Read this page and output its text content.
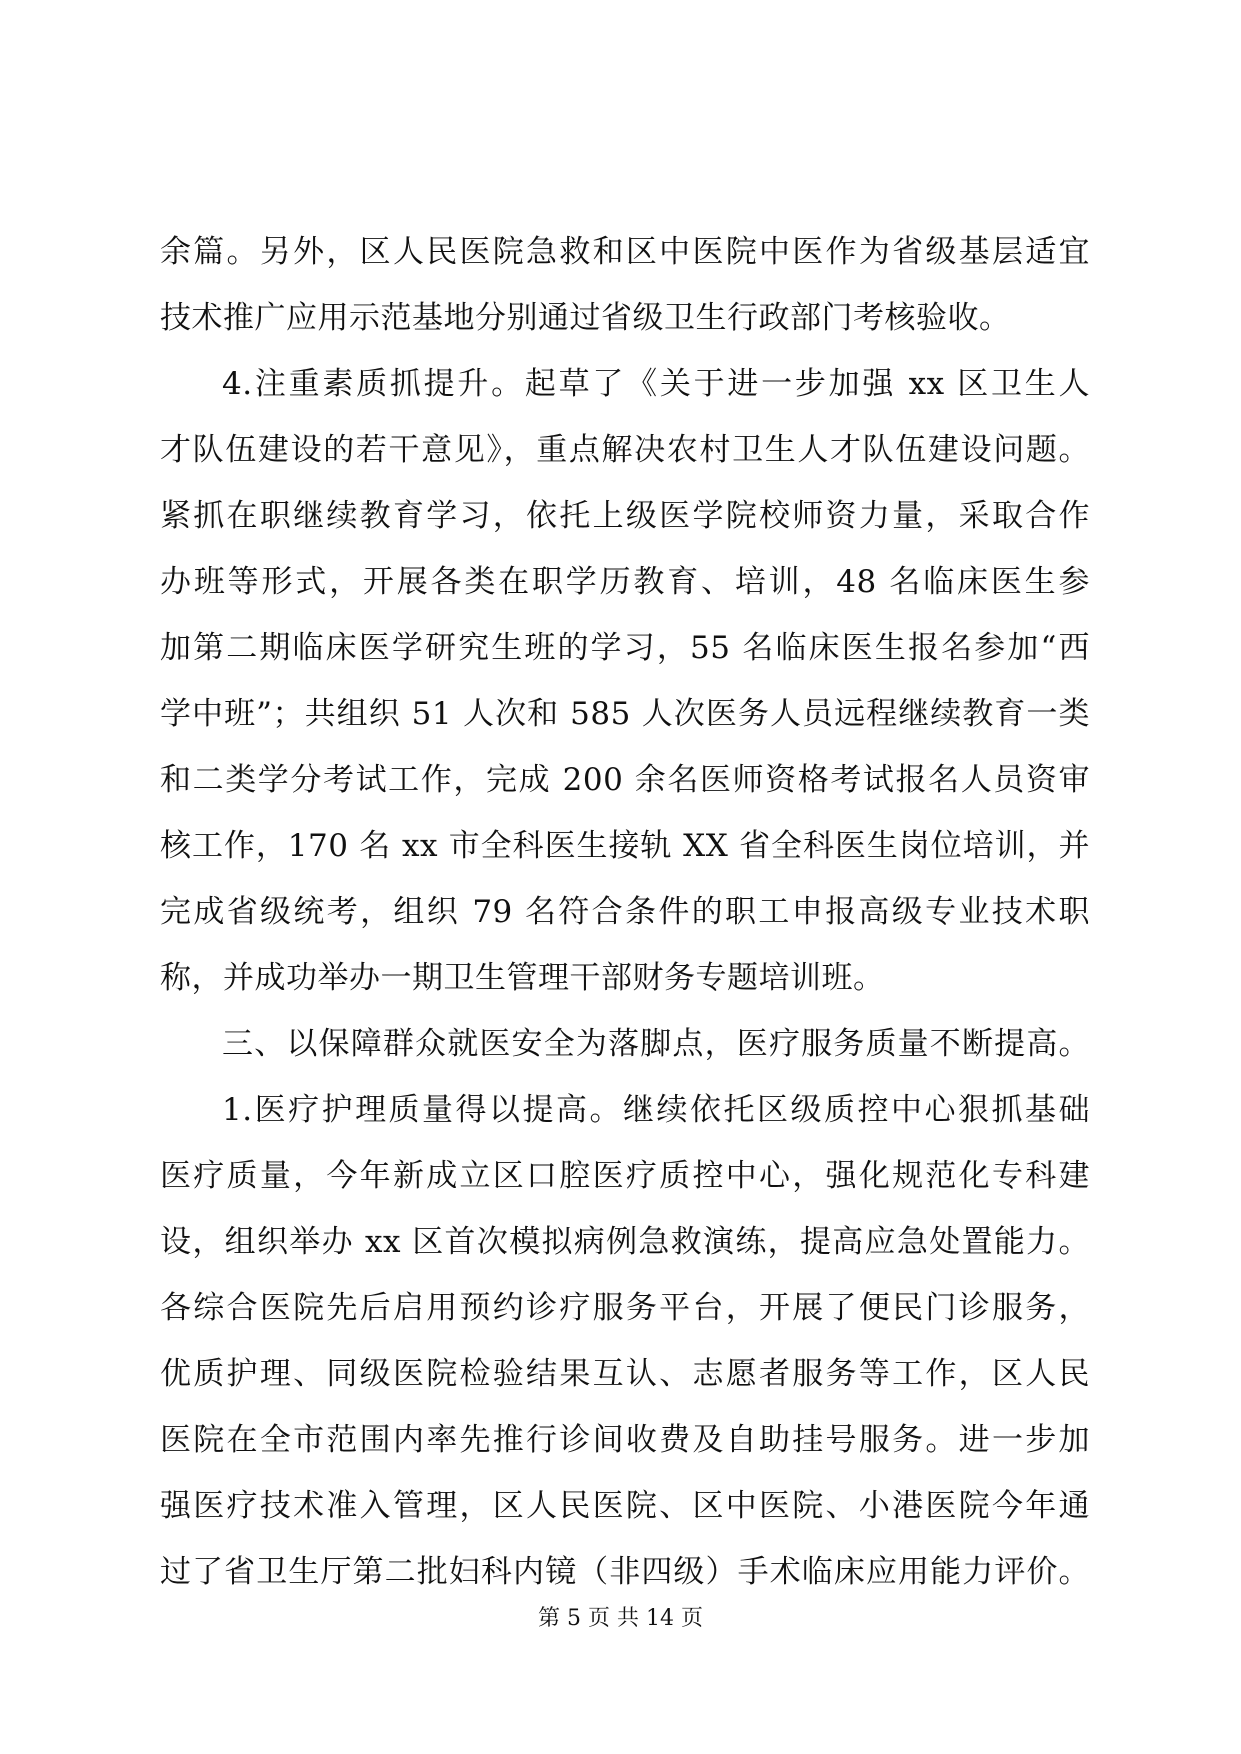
余篇。另外，区人民医院急救和区中医院中医作为省级基层适宜
技术推广应用示范基地分别通过省级卫生行政部门考核验收。
4.注重素质抓提升。起草了《关于进一步加强 xx 区卫生人
才队伍建设的若干意见》，重点解决农村卫生人才队伍建设问题。
紧抓在职继续教育学习，依托上级医学院校师资力量，采取合作
办班等形式，开展各类在职学历教育、培训，48 名临床医生参
加第二期临床医学研究生班的学习，55 名临床医生报名参加“西
学中班”；共组织 51 人次和 585 人次医务人员远程继续教育一类
和二类学分考试工作，完成 200 余名医师资格考试报名人员资审
核工作，170 名 xx 市全科医生接轨 XX 省全科医生岗位培训，并
完成省级统考，组织 79 名符合条件的职工申报高级专业技术职
称，并成功举办一期卫生管理干部财务专题培训班。
三、以保障群众就医安全为落脚点，医疗服务质量不断提高。
1.医疗护理质量得以提高。继续依托区级质控中心狠抓基础
医疗质量，今年新成立区口腔医疗质控中心，强化规范化专科建
设，组织举办 xx 区首次模拟病例急救演练，提高应急处置能力。
各综合医院先后启用预约诊疗服务平台，开展了便民门诊服务，
优质护理、同级医院检验结果互认、志愿者服务等工作，区人民
医院在全市范围内率先推行诊间收费及自助挂号服务。进一步加
强医疗技术准入管理，区人民医院、区中医院、小港医院今年通
过了省卫生厅第二批妇科内镜（非四级）手术临床应用能力评价。
第 5 页 共 14 页
